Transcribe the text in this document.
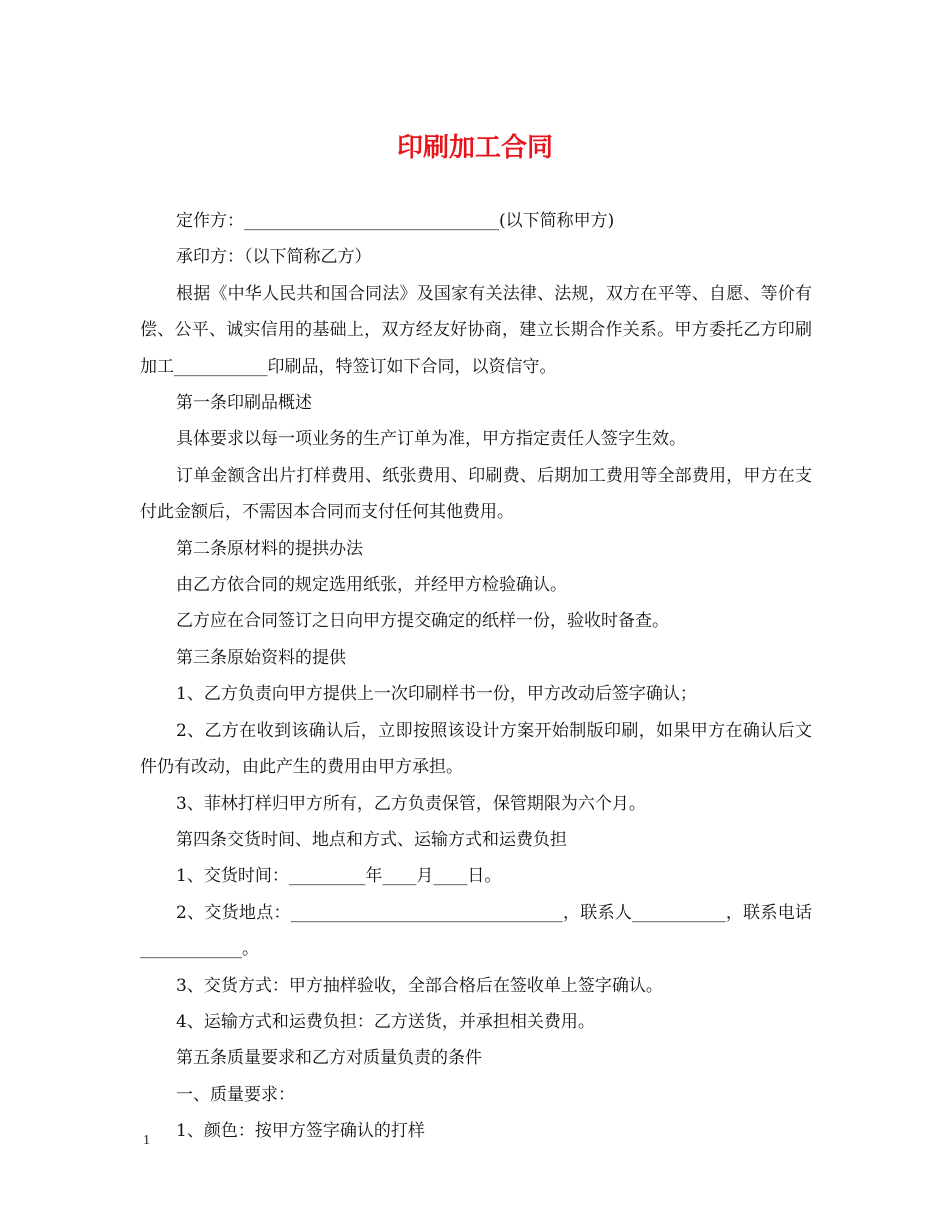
印刷加工合同

定作方：______________________________(以下简称甲方)

承印方：（以下简称乙方）

根据《中华人民共和国合同法》及国家有关法律、法规，双方在平等、自愿、等价有偿、公平、诚实信用的基础上，双方经友好协商，建立长期合作关系。甲方委托乙方印刷加工___________印刷品，特签订如下合同，以资信守。

第一条印刷品概述

具体要求以每一项业务的生产订单为准，甲方指定责任人签字生效。

订单金额含出片打样费用、纸张费用、印刷费、后期加工费用等全部费用，甲方在支付此金额后，不需因本合同而支付任何其他费用。

第二条原材料的提拱办法

由乙方依合同的规定选用纸张，并经甲方检验确认。

乙方应在合同签订之日向甲方提交确定的纸样一份，验收时备查。

第三条原始资料的提供

1、乙方负责向甲方提供上一次印刷样书一份，甲方改动后签字确认；

2、乙方在收到该确认后，立即按照该设计方案开始制版印刷，如果甲方在确认后文件仍有改动，由此产生的费用由甲方承担。

3、菲林打样归甲方所有，乙方负责保管，保管期限为六个月。

第四条交货时间、地点和方式、运输方式和运费负担

1、交货时间：_________年____月____日。

2、交货地点：________________________________，联系人___________，联系电话____________。

3、交货方式：甲方抽样验收，全部合格后在签收单上签字确认。

4、运输方式和运费负担：乙方送货，并承担相关费用。

第五条质量要求和乙方对质量负责的条件

一、质量要求：

1、颜色：按甲方签字确认的打样

1
